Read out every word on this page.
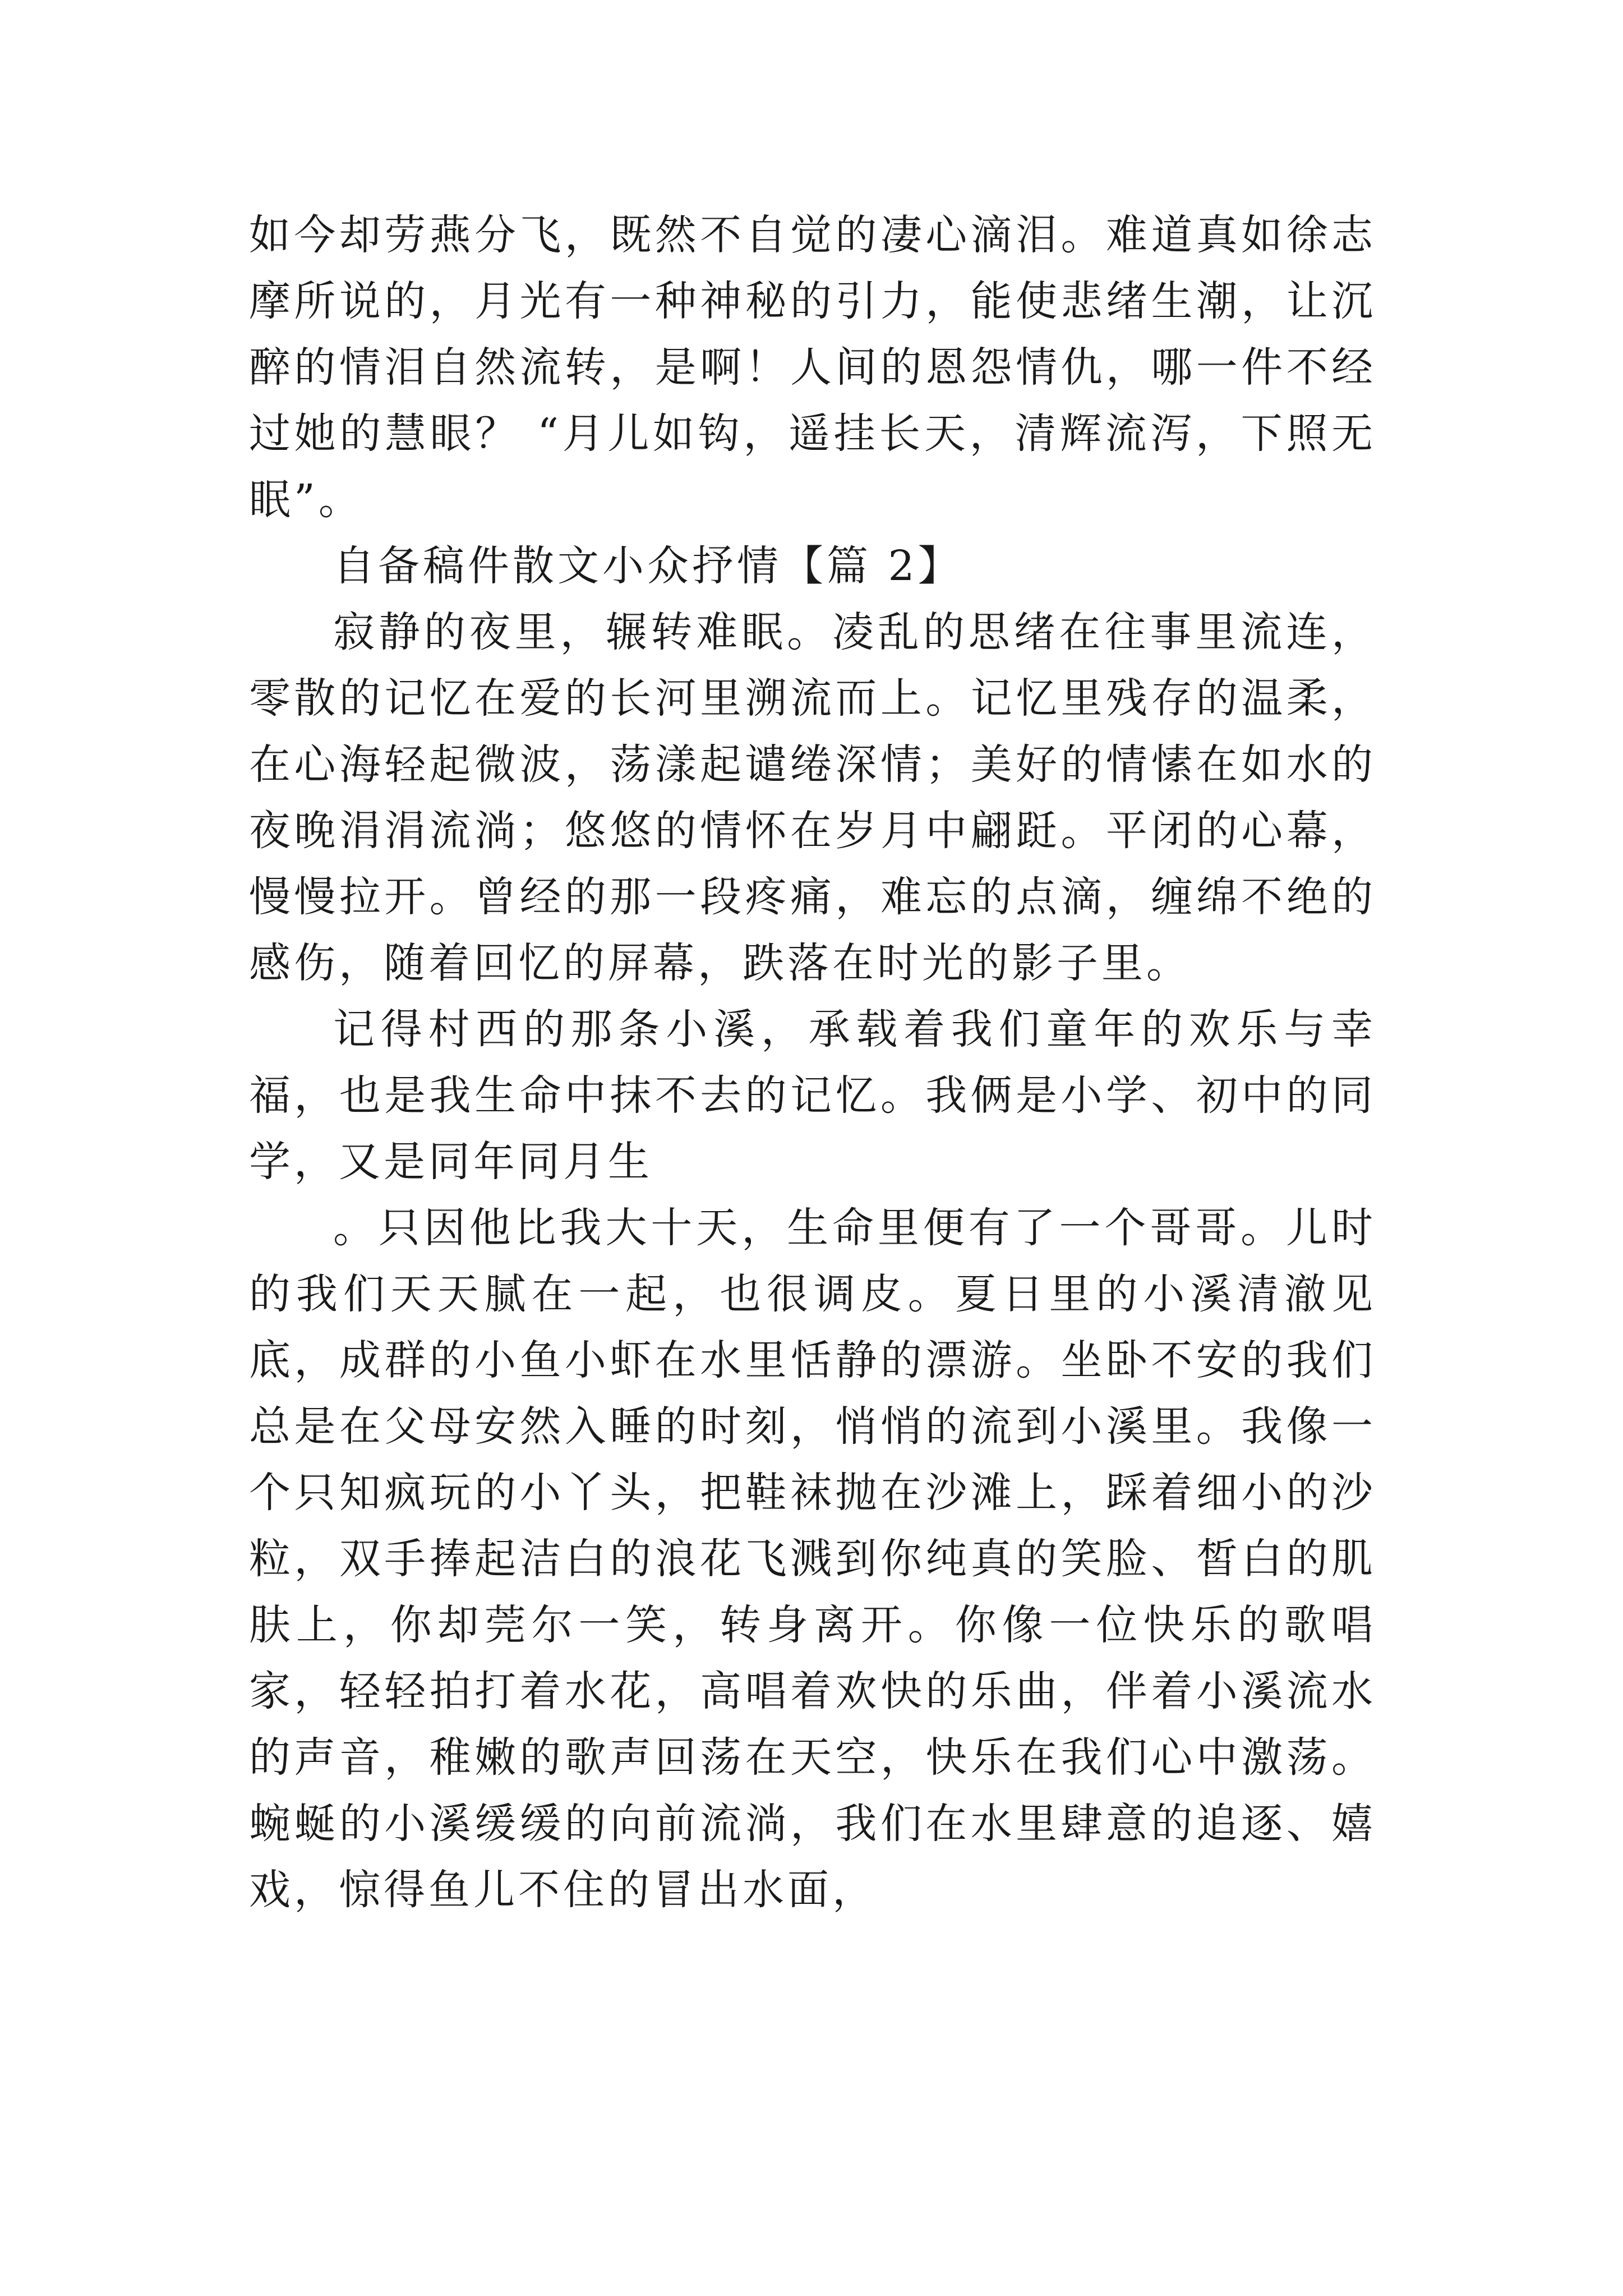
如今却劳燕分飞，既然不自觉的凄心滴泪。难道真如徐志摩所说的，月光有一种神秘的引力，能使悲绪生潮，让沉醉的情泪自然流转，是啊！人间的恩怨情仇，哪一件不经过她的慧眼？ “月儿如钩，遥挂长天，清辉流泻，下照无眠”。

自备稿件散文小众抒情【篇 2】

寂静的夜里，辗转难眠。凌乱的思绪在往事里流连，零散的记忆在爱的长河里溯流而上。记忆里残存的温柔，在心海轻起微波，荡漾起谴绻深情；美好的情愫在如水的夜晚涓涓流淌；悠悠的情怀在岁月中翩跹。平闭的心幕，慢慢拉开。曾经的那一段疼痛，难忘的点滴，缠绵不绝的感伤，随着回忆的屏幕，跌落在时光的影子里。

记得村西的那条小溪，承载着我们童年的欢乐与幸福，也是我生命中抹不去的记忆。我俩是小学、初中的同学，又是同年同月生

。只因他比我大十天，生命里便有了一个哥哥。儿时的我们天天腻在一起，也很调皮。夏日里的小溪清澈见底，成群的小鱼小虾在水里恬静的漂游。坐卧不安的我们总是在父母安然入睡的时刻，悄悄的流到小溪里。我像一个只知疯玩的小丫头，把鞋袜抛在沙滩上，踩着细小的沙粒，双手捧起洁白的浪花飞溅到你纯真的笑脸、皙白的肌肤上，你却莞尔一笑，转身离开。你像一位快乐的歌唱家，轻轻拍打着水花，高唱着欢快的乐曲，伴着小溪流水的声音，稚嫩的歌声回荡在天空，快乐在我们心中激荡。蜿蜒的小溪缓缓的向前流淌，我们在水里肆意的追逐、嬉戏，惊得鱼儿不住的冒出水面，
